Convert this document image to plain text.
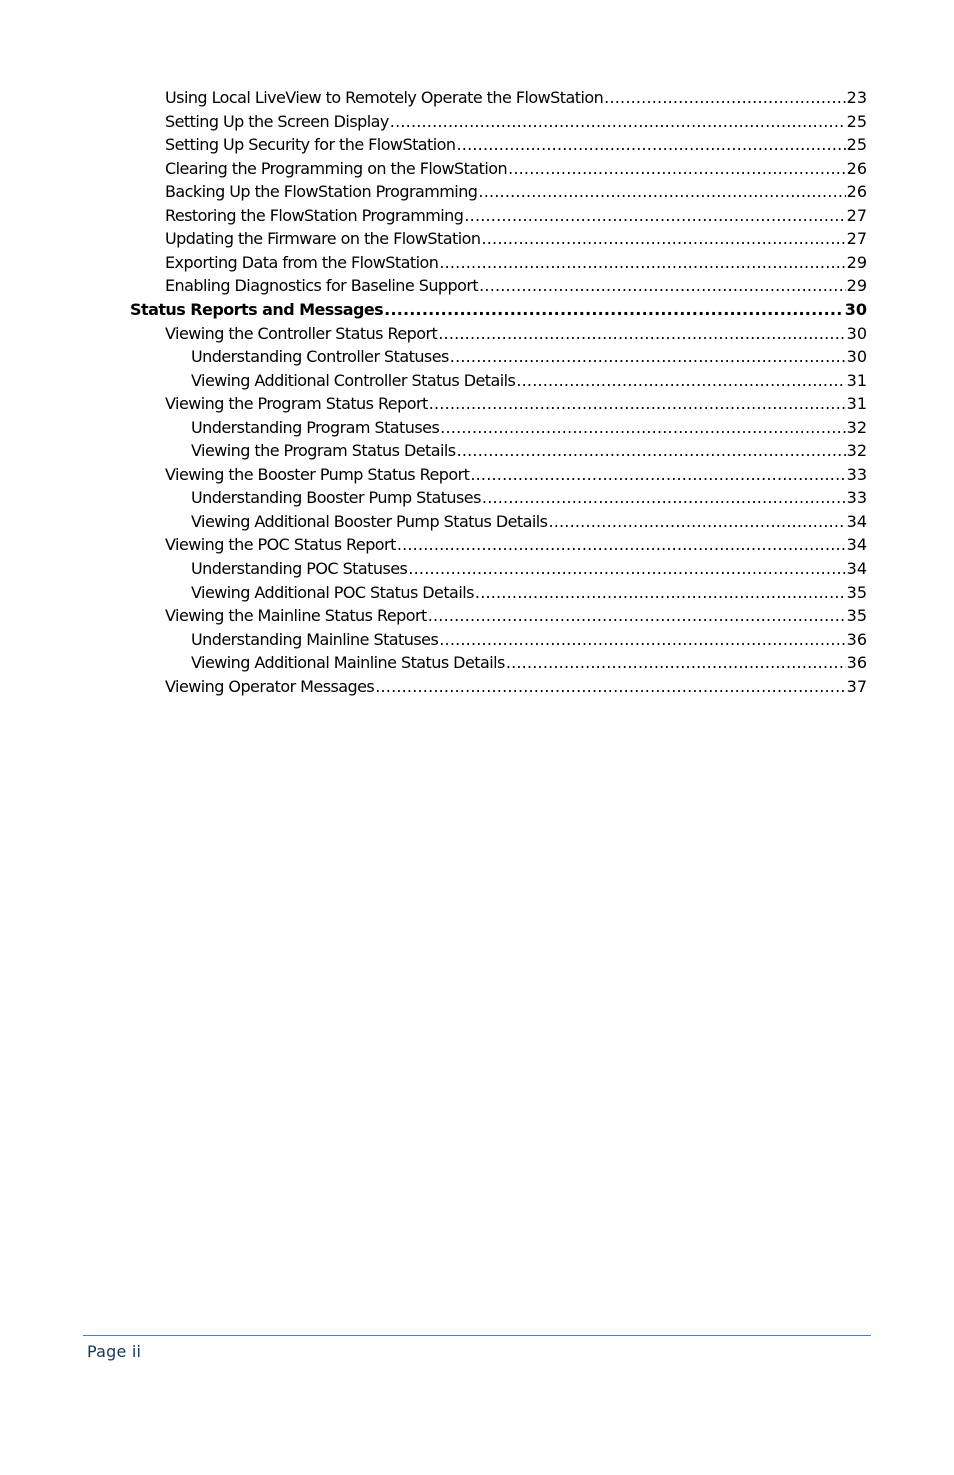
Using Local LiveView to Remotely Operate the FlowStation .....	23
Setting Up the Screen Display .....	25
Setting Up Security for the FlowStation .....	25
Clearing the Programming on the FlowStation .....	26
Backing Up the FlowStation Programming .....	26
Restoring the FlowStation Programming .....	27
Updating the Firmware on the FlowStation .....	27
Exporting Data from the FlowStation .....	29
Enabling Diagnostics for Baseline Support .....	29
Status Reports and Messages .....	30
Viewing the Controller Status Report .....	30
Understanding Controller Statuses .....	30
Viewing Additional Controller Status Details .....	31
Viewing the Program Status Report .....	31
Understanding Program Statuses .....	32
Viewing the Program Status Details .....	32
Viewing the Booster Pump Status Report .....	33
Understanding Booster Pump Statuses .....	33
Viewing Additional Booster Pump Status Details .....	34
Viewing the POC Status Report .....	34
Understanding POC Statuses .....	34
Viewing Additional POC Status Details .....	35
Viewing the Mainline Status Report .....	35
Understanding Mainline Statuses .....	36
Viewing Additional Mainline Status Details .....	36
Viewing Operator Messages .....	37
Page ii
